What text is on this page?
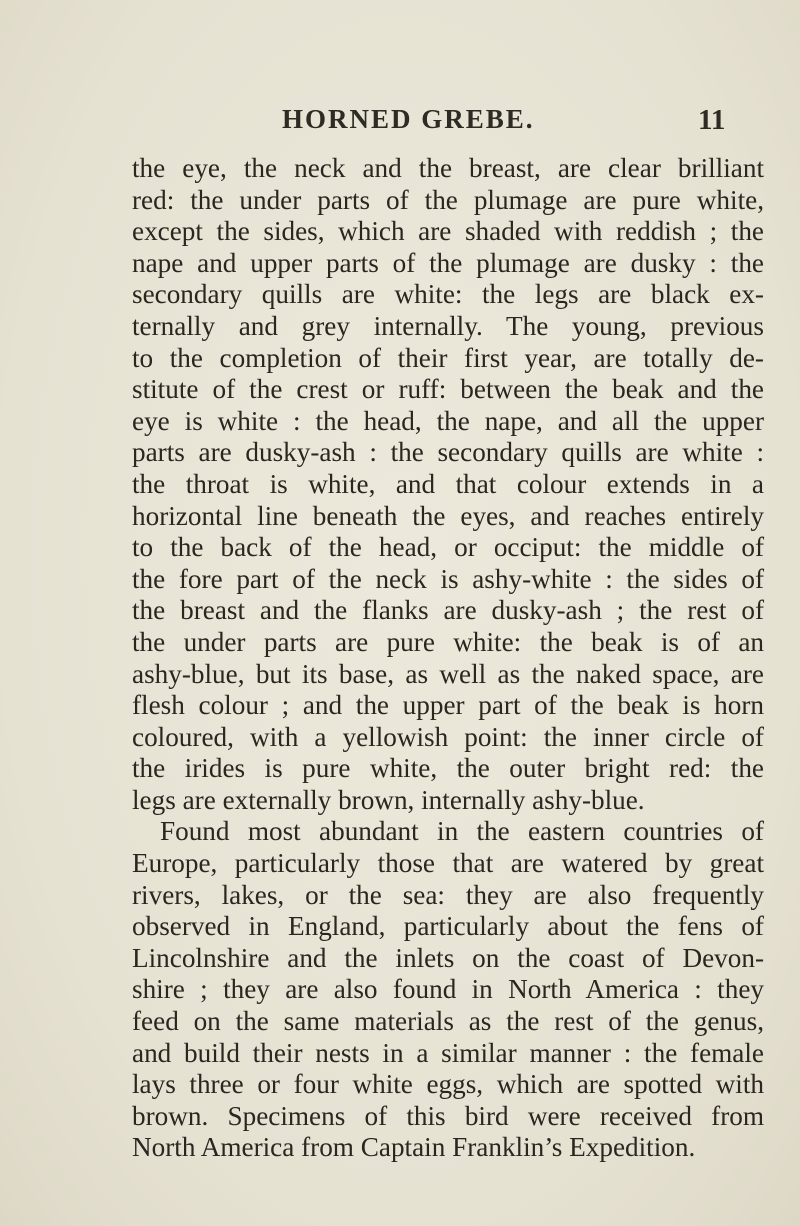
HORNED GREBE.	11
the eye, the neck and the breast, are clear brilliant
red: the under parts of the plumage are pure white,
except the sides, which are shaded with reddish ; the
nape and upper parts of the plumage are dusky : the
secondary quills are white: the legs are black ex-
ternally and grey internally. The young, previous
to the completion of their first year, are totally de-
stitute of the crest or ruff: between the beak and the
eye is white : the head, the nape, and all the upper
parts are dusky-ash : the secondary quills are white :
the throat is white, and that colour extends in a
horizontal line beneath the eyes, and reaches entirely
to the back of the head, or occiput: the middle of
the fore part of the neck is ashy-white : the sides of
the breast and the flanks are dusky-ash ; the rest of
the under parts are pure white: the beak is of an
ashy-blue, but its base, as well as the naked space, are
flesh colour ; and the upper part of the beak is horn
coloured, with a yellowish point: the inner circle of
the irides is pure white, the outer bright red: the
legs are externally brown, internally ashy-blue.
Found most abundant in the eastern countries of
Europe, particularly those that are watered by great
rivers, lakes, or the sea: they are also frequently
observed in England, particularly about the fens of
Lincolnshire and the inlets on the coast of Devon-
shire ; they are also found in North America : they
feed on the same materials as the rest of the genus,
and build their nests in a similar manner : the female
lays three or four white eggs, which are spotted with
brown. Specimens of this bird were received from
North America from Captain Franklin’s Expedition.
